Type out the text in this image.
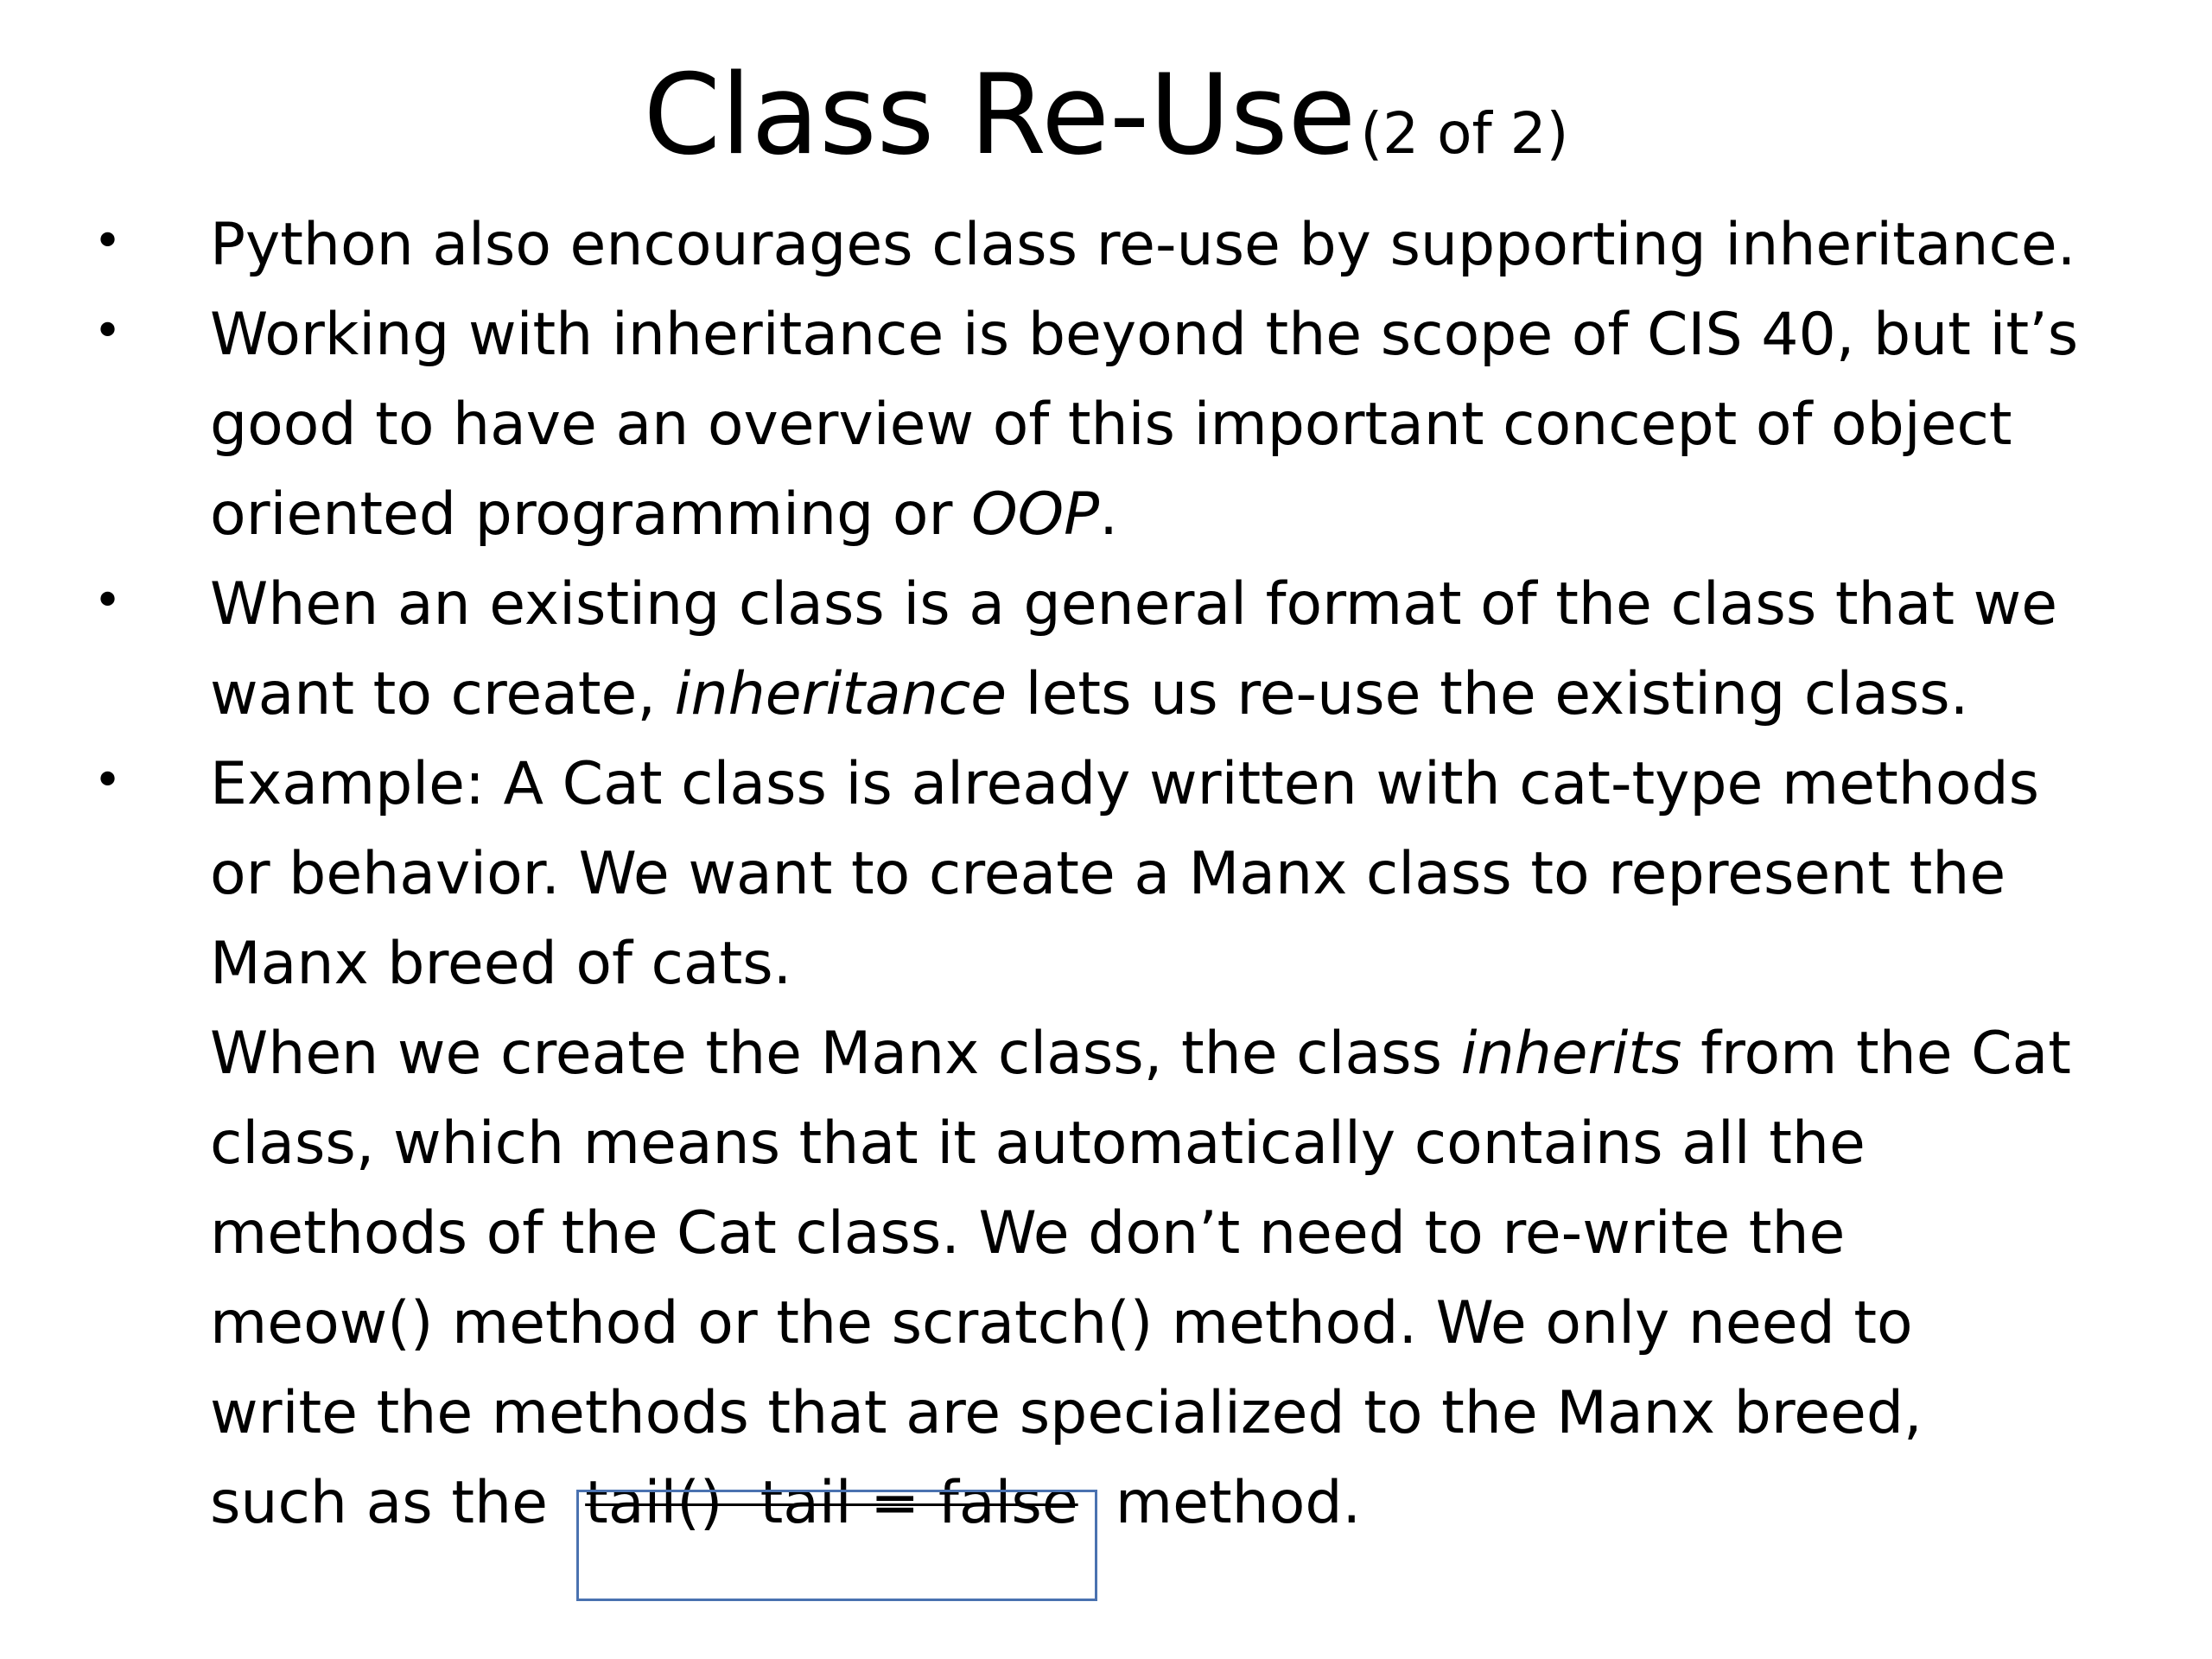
Class Re-Use (2 of 2)
•
•
•
•
Python also encourages class re-use by supporting inheritance.
Working with inheritance is beyond the scope of CIS 40, but it’s
good to have an overview of this important concept of object
oriented programming or OOP.
When an existing class is a general format of the class that we
want to create, inheritance lets us re-use the existing class.
Example: A Cat class is already written with cat-type methods
or behavior. We want to create a Manx class to represent the
Manx breed of cats.
When we create the Manx class, the class inherits from the Cat
class, which means that it automatically contains all the
methods of the Cat class. We don’t need to re-write the
meow() method or the scratch() method. We only need to
write the methods that are specialized to the Manx breed,
such as the  tail()  tail = false  method.
